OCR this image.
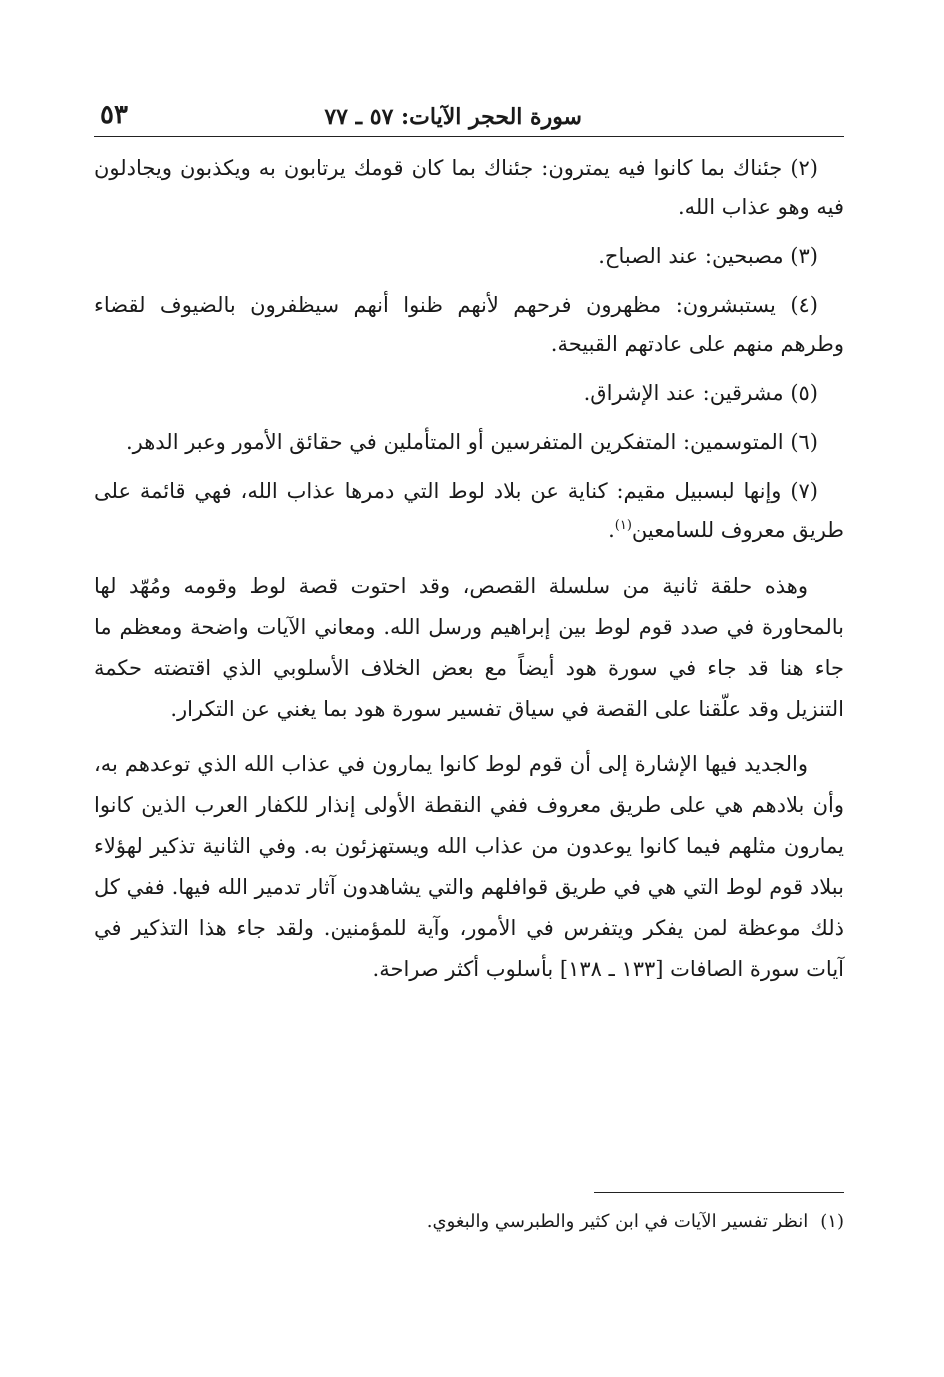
سورة الحجر الآيات: ٥٧ ـ ٧٧
٥٣

(٢) جئناك بما كانوا فيه يمترون: جئناك بما كان قومك يرتابون به ويكذبون ويجادلون فيه وهو عذاب الله.

(٣) مصبحين: عند الصباح.

(٤) يستبشرون: مظهرون فرحهم لأنهم ظنوا أنهم سيظفرون بالضيوف لقضاء وطرهم منهم على عادتهم القبيحة.

(٥) مشرقين: عند الإشراق.

(٦) المتوسمين: المتفكرين المتفرسين أو المتأملين في حقائق الأمور وعبر الدهر.

(٧) وإنها لبسبيل مقيم: كناية عن بلاد لوط التي دمرها عذاب الله، فهي قائمة على طريق معروف للسامعين$^{(١)}$.

وهذه حلقة ثانية من سلسلة القصص، وقد احتوت قصة لوط وقومه ومُهّد لها بالمحاورة في صدد قوم لوط بين إبراهيم ورسل الله. ومعاني الآيات واضحة ومعظم ما جاء هنا قد جاء في سورة هود أيضاً مع بعض الخلاف الأسلوبي الذي اقتضته حكمة التنزيل وقد علّقنا على القصة في سياق تفسير سورة هود بما يغني عن التكرار.

والجديد فيها الإشارة إلى أن قوم لوط كانوا يمارون في عذاب الله الذي توعدهم به، وأن بلادهم هي على طريق معروف ففي النقطة الأولى إنذار للكفار العرب الذين كانوا يمارون مثلهم فيما كانوا يوعدون من عذاب الله ويستهزئون به. وفي الثانية تذكير لهؤلاء ببلاد قوم لوط التي هي في طريق قوافلهم والتي يشاهدون آثار تدمير الله فيها. ففي كل ذلك موعظة لمن يفكر ويتفرس في الأمور، وآية للمؤمنين. ولقد جاء هذا التذكير في آيات سورة الصافات [١٣٣ ـ ١٣٨] بأسلوب أكثر صراحة.

(١)انظر تفسير الآيات في ابن كثير والطبرسي والبغوي.
